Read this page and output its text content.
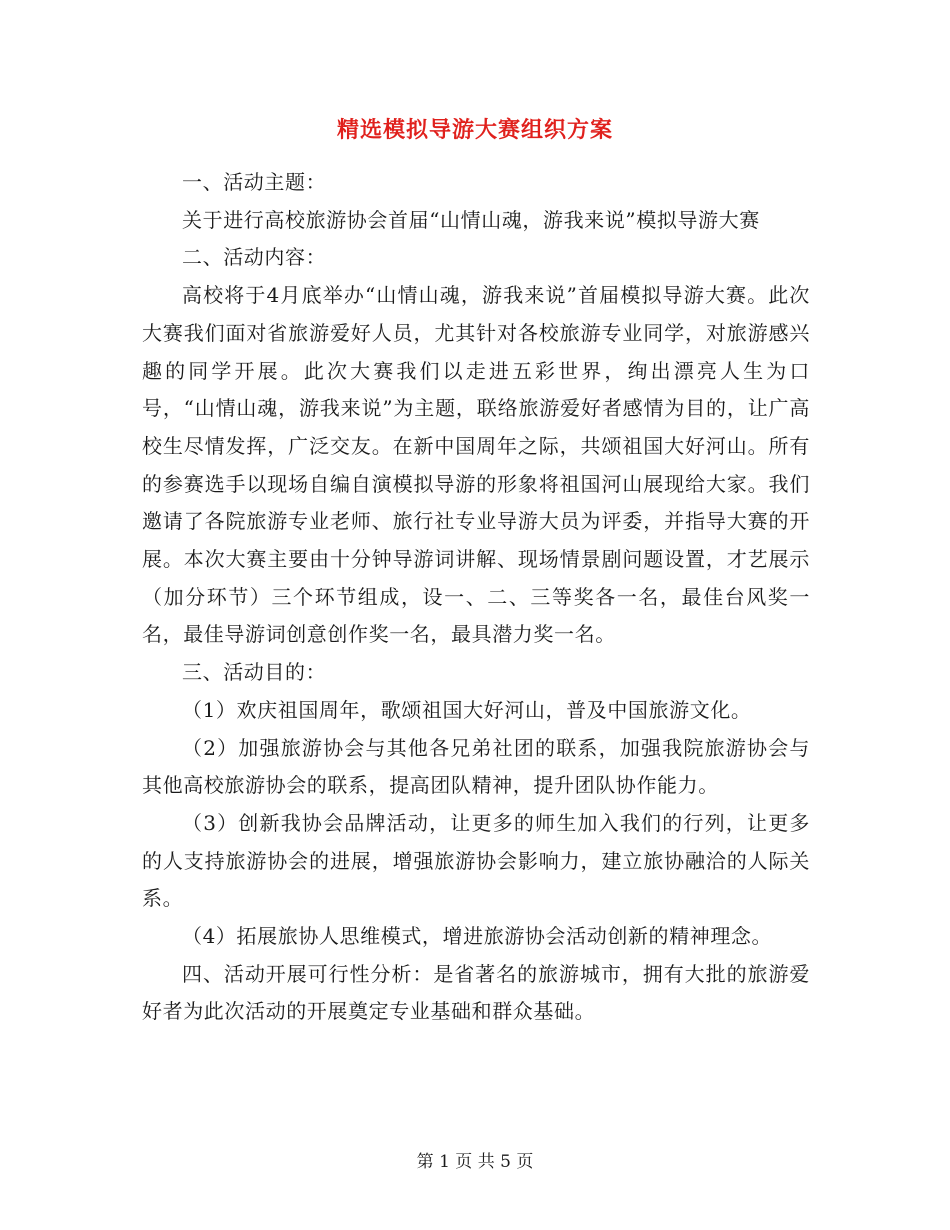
精选模拟导游大赛组织方案

一、活动主题：

关于进行高校旅游协会首届“山情山魂，游我来说”模拟导游大赛

二、活动内容：

高校将于4月底举办“山情山魂，游我来说”首届模拟导游大赛。此次大赛我们面对省旅游爱好人员，尤其针对各校旅游专业同学，对旅游感兴趣的同学开展。此次大赛我们以走进五彩世界，绚出漂亮人生为口号，“山情山魂，游我来说”为主题，联络旅游爱好者感情为目的，让广高校生尽情发挥，广泛交友。在新中国周年之际，共颂祖国大好河山。所有的参赛选手以现场自编自演模拟导游的形象将祖国河山展现给大家。我们邀请了各院旅游专业老师、旅行社专业导游大员为评委，并指导大赛的开展。本次大赛主要由十分钟导游词讲解、现场情景剧问题设置，才艺展示（加分环节）三个环节组成，设一、二、三等奖各一名，最佳台风奖一名，最佳导游词创意创作奖一名，最具潜力奖一名。

三、活动目的：

（1）欢庆祖国周年，歌颂祖国大好河山，普及中国旅游文化。

（2）加强旅游协会与其他各兄弟社团的联系，加强我院旅游协会与其他高校旅游协会的联系，提高团队精神，提升团队协作能力。

（3）创新我协会品牌活动，让更多的师生加入我们的行列，让更多的人支持旅游协会的进展，增强旅游协会影响力，建立旅协融洽的人际关系。

（4）拓展旅协人思维模式，增进旅游协会活动创新的精神理念。

四、活动开展可行性分析：是省著名的旅游城市，拥有大批的旅游爱好者为此次活动的开展奠定专业基础和群众基础。

第 1 页 共 5 页
